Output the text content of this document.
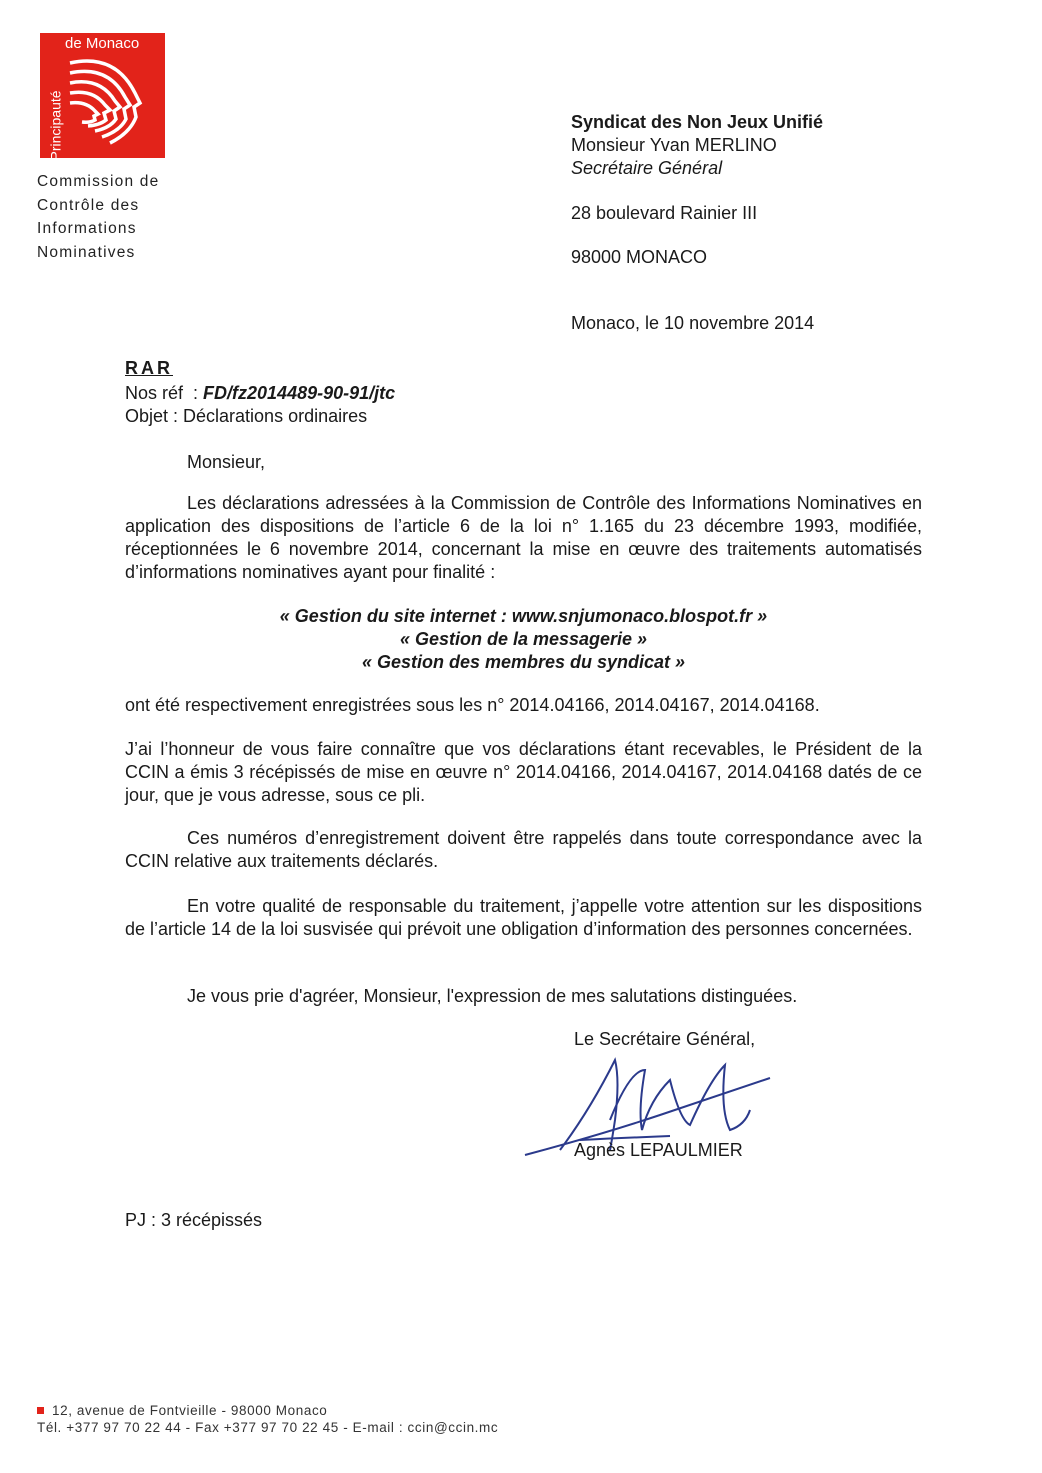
de Monaco
Principauté
Commission de
Contrôle des
Informations
Nominatives
Syndicat des Non Jeux Unifié
Monsieur Yvan MERLINO
Secrétaire Général
28 boulevard Rainier III
98000 MONACO
Monaco, le 10 novembre 2014
RAR
Nos réf  : FD/fz2014489-90-91/jtc
Objet : Déclarations ordinaires
Monsieur,
Les déclarations adressées à la Commission de Contrôle des Informations Nominatives en application des dispositions de l’article 6 de la loi n° 1.165 du 23 décembre 1993, modifiée, réceptionnées le 6 novembre 2014, concernant la mise en œuvre des traitements automatisés d’informations nominatives ayant pour finalité :
« Gestion du site internet : www.snjumonaco.blospot.fr »
« Gestion de la messagerie »
« Gestion des membres du syndicat »
ont été respectivement enregistrées sous les n° 2014.04166, 2014.04167, 2014.04168.
J’ai l’honneur de vous faire connaître que vos déclarations étant recevables, le Président de la CCIN a émis 3 récépissés de mise en œuvre n° 2014.04166, 2014.04167, 2014.04168 datés de ce jour, que je vous adresse, sous ce pli.
Ces numéros d’enregistrement doivent être rappelés dans toute correspondance avec la CCIN relative aux traitements déclarés.
En votre qualité de responsable du traitement, j’appelle votre attention sur les dispositions de l’article 14 de la loi susvisée qui prévoit une obligation d’information des personnes concernées.
Je vous prie d'agréer, Monsieur, l'expression de mes salutations distinguées.
Le Secrétaire Général,
Agnès LEPAULMIER
PJ : 3 récépissés
12, avenue de Fontvieille - 98000 Monaco
Tél. +377 97 70 22 44 - Fax +377 97 70 22 45 - E-mail : ccin@ccin.mc
